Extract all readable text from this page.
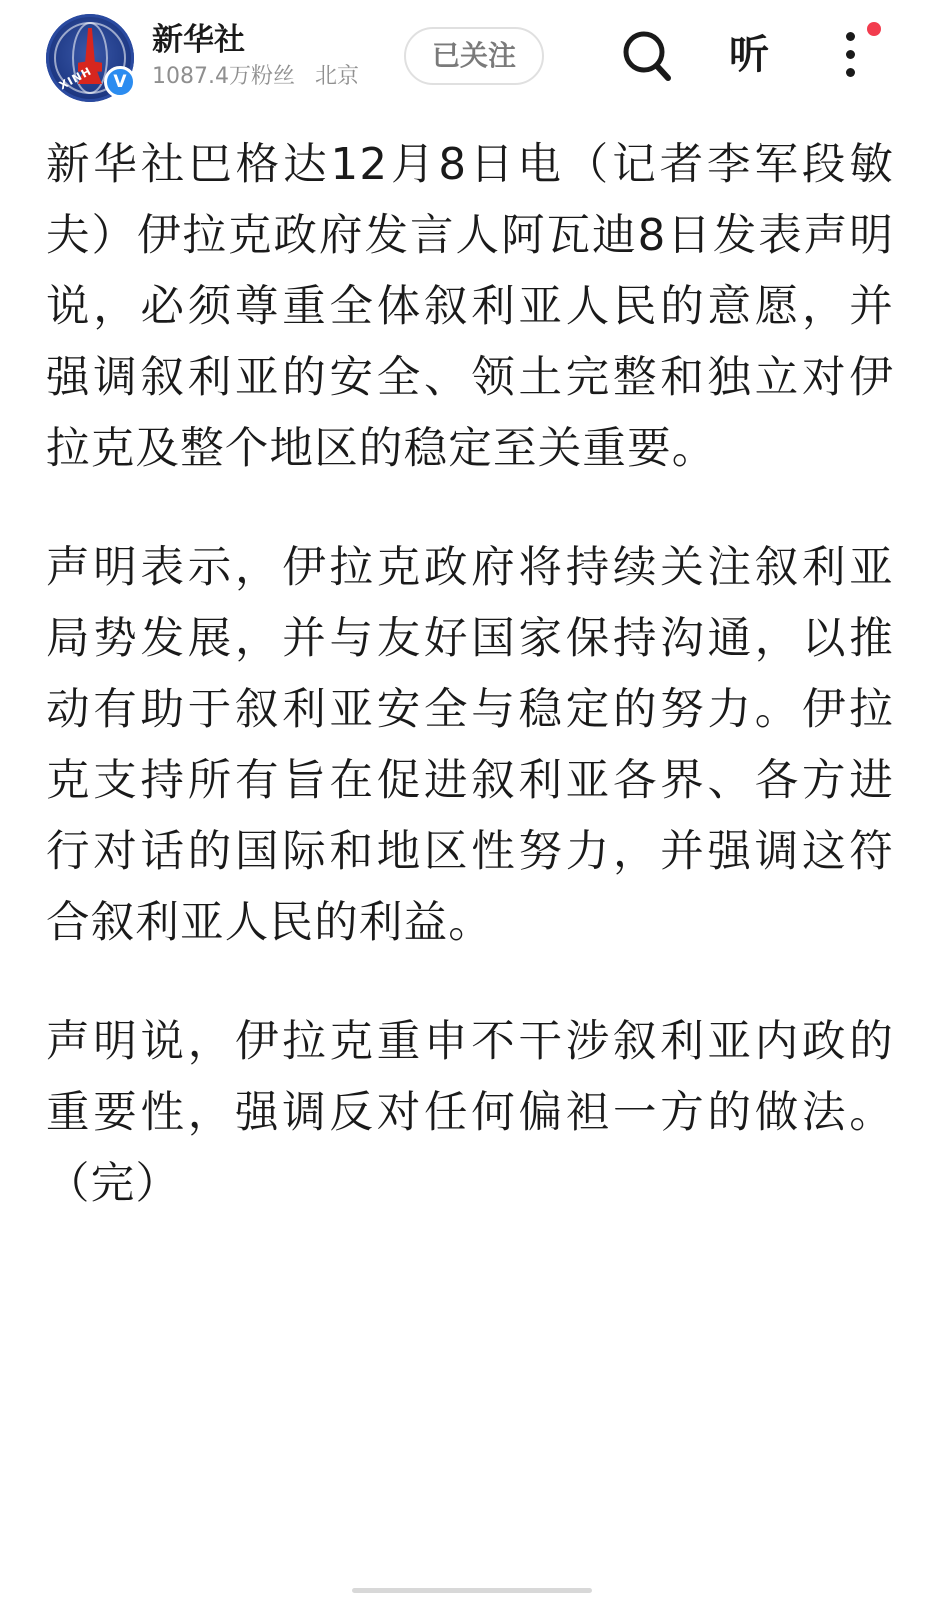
XINH	V
新华社
1087.4万粉丝 北京
已关注	听

新华社巴格达12月8日电（记者李军段敏夫）伊拉克政府发言人阿瓦迪8日发表声明说，必须尊重全体叙利亚人民的意愿，并强调叙利亚的安全、领土完整和独立对伊拉克及整个地区的稳定至关重要。

声明表示，伊拉克政府将持续关注叙利亚局势发展，并与友好国家保持沟通，以推动有助于叙利亚安全与稳定的努力。伊拉克支持所有旨在促进叙利亚各界、各方进行对话的国际和地区性努力，并强调这符合叙利亚人民的利益。

声明说，伊拉克重申不干涉叙利亚内政的重要性，强调反对任何偏袒一方的做法。（完）
